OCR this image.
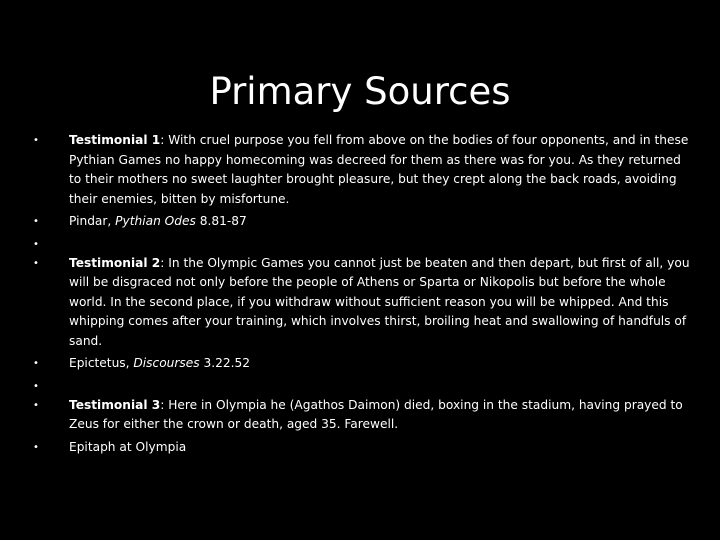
Primary Sources
• Testimonial 1: With cruel purpose you fell from above on the bodies of four opponents, and in these Pythian Games no happy homecoming was decreed for them as there was for you. As they returned to their mothers no sweet laughter brought pleasure, but they crept along the back roads, avoiding their enemies, bitten by misfortune.
• Pindar, Pythian Odes 8.81-87
•
• Testimonial 2: In the Olympic Games you cannot just be beaten and then depart, but first of all, you will be disgraced not only before the people of Athens or Sparta or Nikopolis but before the whole world. In the second place, if you withdraw without sufficient reason you will be whipped. And this whipping comes after your training, which involves thirst, broiling heat and swallowing of handfuls of sand.
• Epictetus, Discourses 3.22.52
•
• Testimonial 3: Here in Olympia he (Agathos Daimon) died, boxing in the stadium, having prayed to Zeus for either the crown or death, aged 35. Farewell.
• Epitaph at Olympia
